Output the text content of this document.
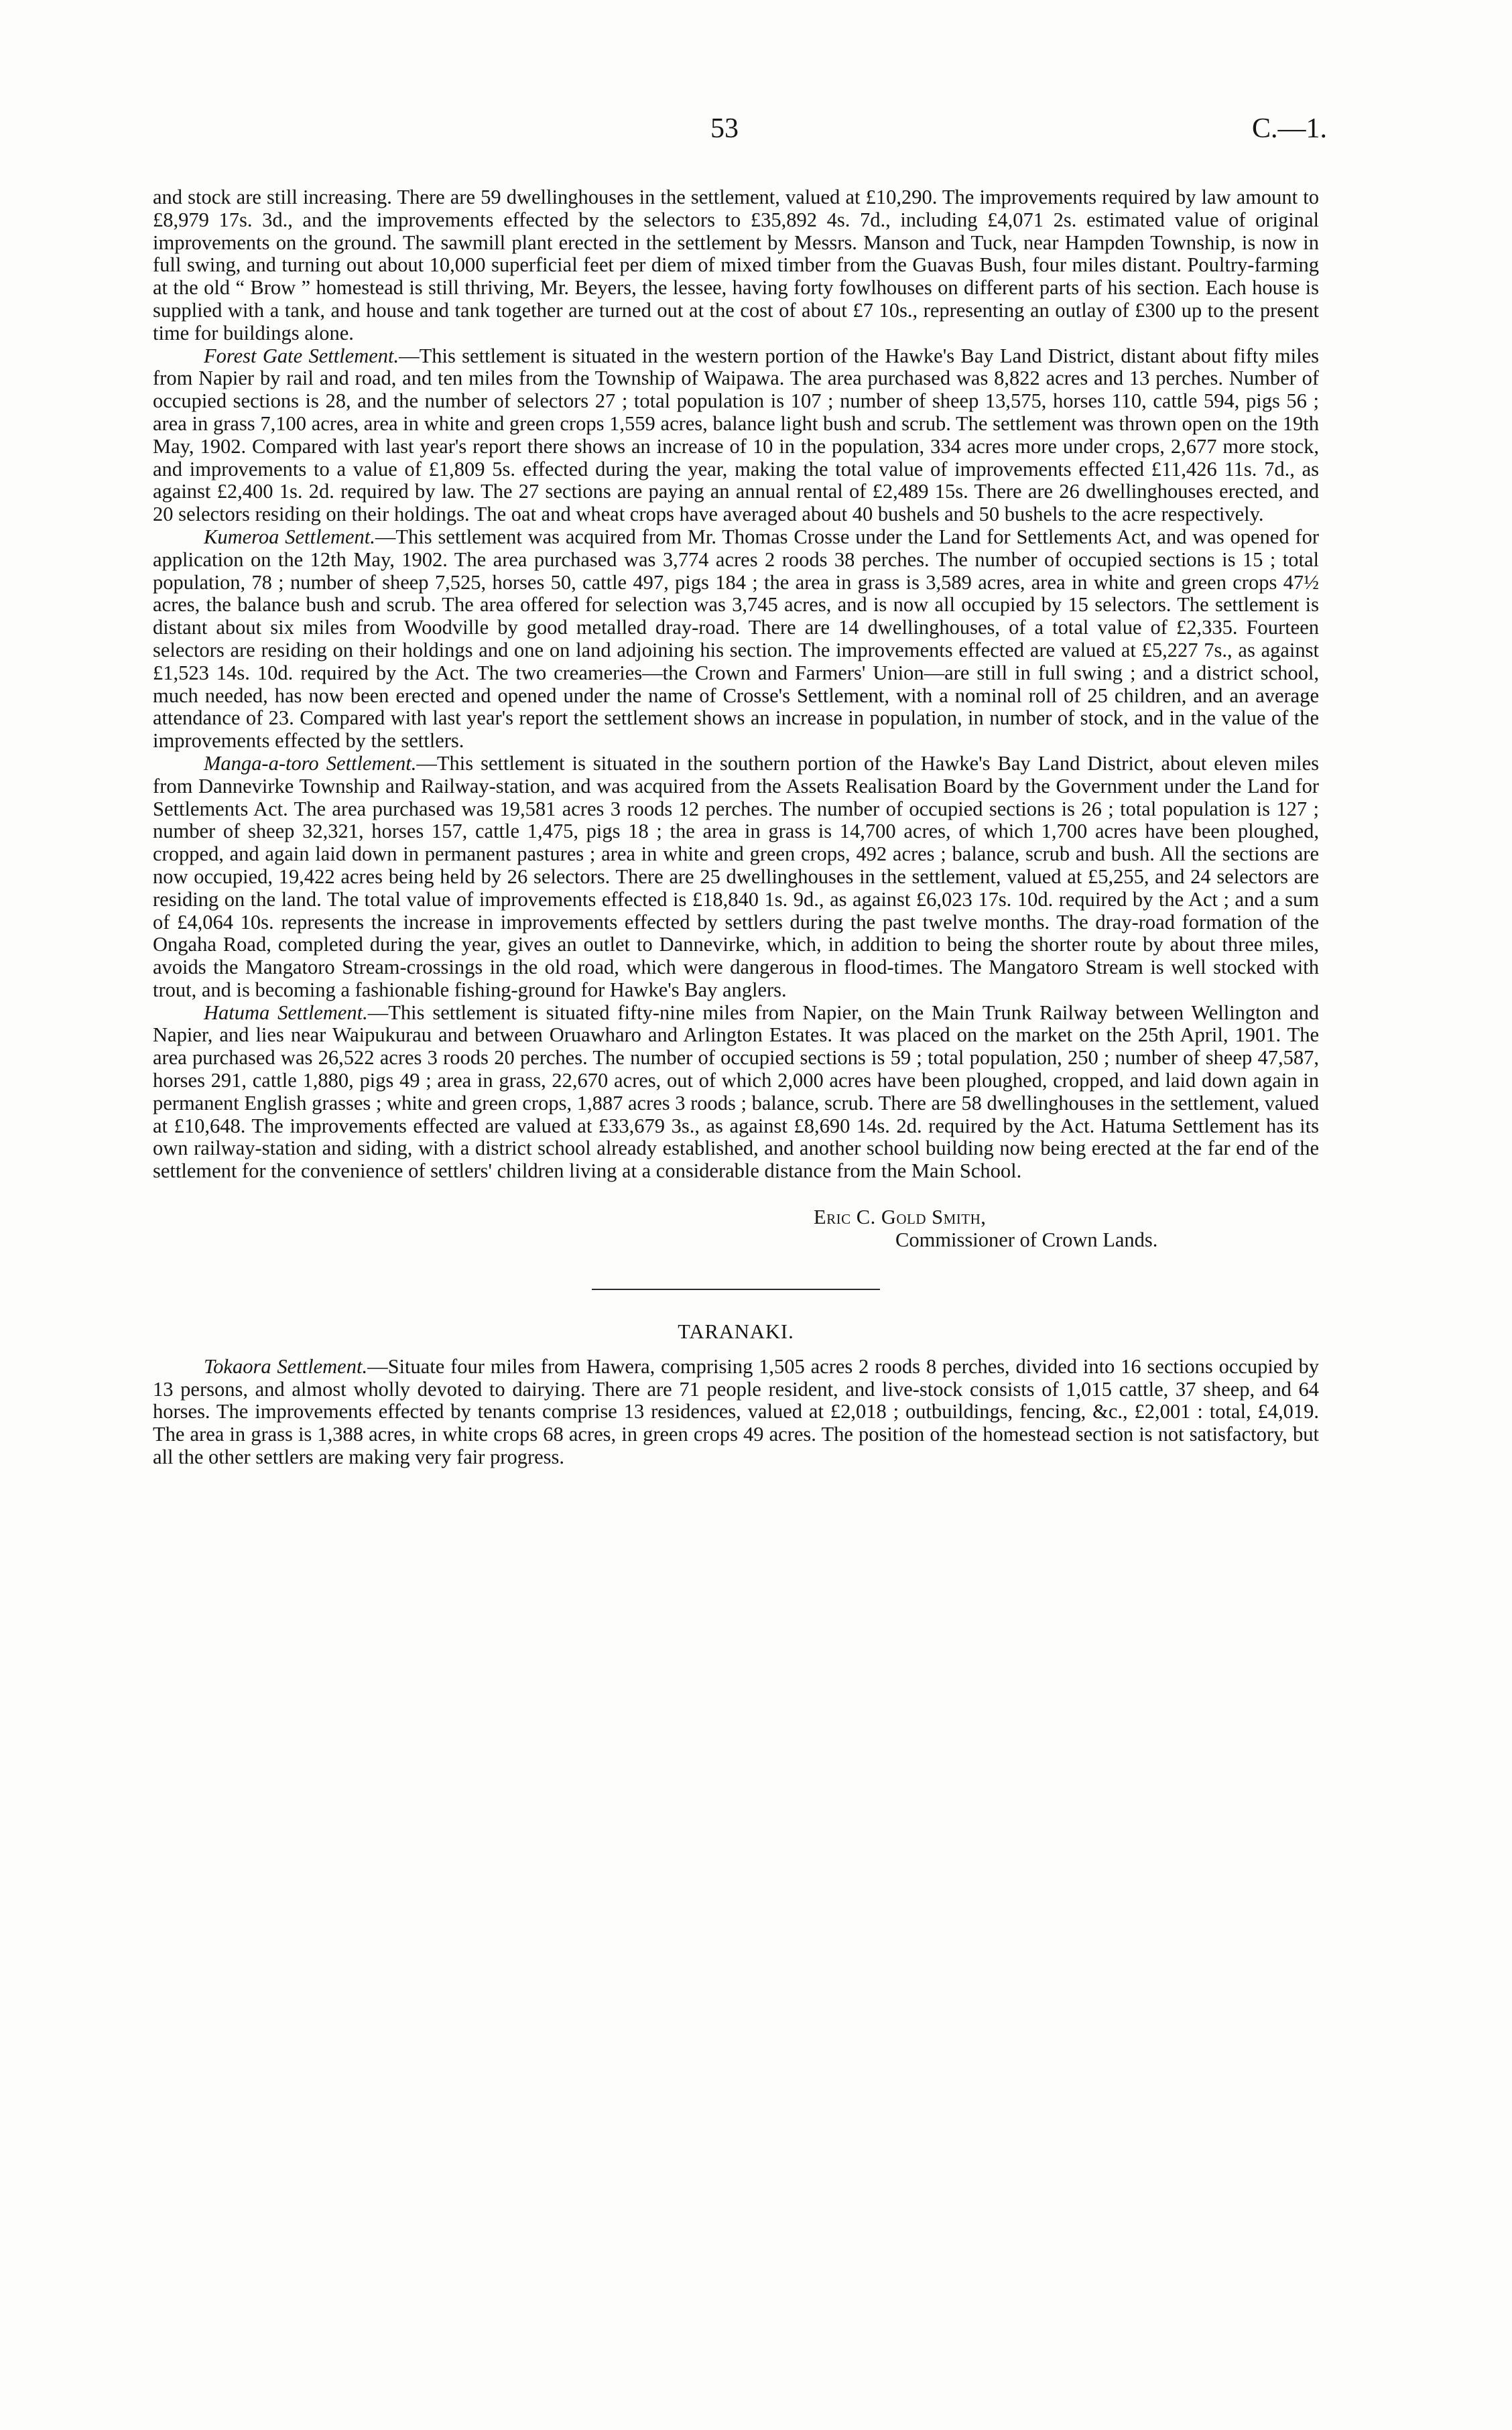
53	C.—1.

and stock are still increasing. There are 59 dwellinghouses in the settlement, valued at £10,290. The improvements required by law amount to £8,979 17s. 3d., and the improvements effected by the selectors to £35,892 4s. 7d., including £4,071 2s. estimated value of original improvements on the ground. The sawmill plant erected in the settlement by Messrs. Manson and Tuck, near Hampden Township, is now in full swing, and turning out about 10,000 superficial feet per diem of mixed timber from the Guavas Bush, four miles distant. Poultry-farming at the old “ Brow ” homestead is still thriving, Mr. Beyers, the lessee, having forty fowlhouses on different parts of his section. Each house is supplied with a tank, and house and tank together are turned out at the cost of about £7 10s., representing an outlay of £300 up to the present time for buildings alone.

Forest Gate Settlement.—This settlement is situated in the western portion of the Hawke's Bay Land District, distant about fifty miles from Napier by rail and road, and ten miles from the Township of Waipawa. The area purchased was 8,822 acres and 13 perches. Number of occupied sections is 28, and the number of selectors 27 ; total population is 107 ; number of sheep 13,575, horses 110, cattle 594, pigs 56 ; area in grass 7,100 acres, area in white and green crops 1,559 acres, balance light bush and scrub. The settlement was thrown open on the 19th May, 1902. Compared with last year's report there shows an increase of 10 in the population, 334 acres more under crops, 2,677 more stock, and improvements to a value of £1,809 5s. effected during the year, making the total value of improvements effected £11,426 11s. 7d., as against £2,400 1s. 2d. required by law. The 27 sections are paying an annual rental of £2,489 15s. There are 26 dwellinghouses erected, and 20 selectors residing on their holdings. The oat and wheat crops have averaged about 40 bushels and 50 bushels to the acre respectively.

Kumeroa Settlement.—This settlement was acquired from Mr. Thomas Crosse under the Land for Settlements Act, and was opened for application on the 12th May, 1902. The area purchased was 3,774 acres 2 roods 38 perches. The number of occupied sections is 15 ; total population, 78 ; number of sheep 7,525, horses 50, cattle 497, pigs 184 ; the area in grass is 3,589 acres, area in white and green crops 47½ acres, the balance bush and scrub. The area offered for selection was 3,745 acres, and is now all occupied by 15 selectors. The settlement is distant about six miles from Woodville by good metalled dray-road. There are 14 dwellinghouses, of a total value of £2,335. Fourteen selectors are residing on their holdings and one on land adjoining his section. The improvements effected are valued at £5,227 7s., as against £1,523 14s. 10d. required by the Act. The two creameries—the Crown and Farmers' Union—are still in full swing ; and a district school, much needed, has now been erected and opened under the name of Crosse's Settlement, with a nominal roll of 25 children, and an average attendance of 23. Compared with last year's report the settlement shows an increase in population, in number of stock, and in the value of the improvements effected by the settlers.

Manga-a-toro Settlement.—This settlement is situated in the southern portion of the Hawke's Bay Land District, about eleven miles from Dannevirke Township and Railway-station, and was acquired from the Assets Realisation Board by the Government under the Land for Settlements Act. The area purchased was 19,581 acres 3 roods 12 perches. The number of occupied sections is 26 ; total population is 127 ; number of sheep 32,321, horses 157, cattle 1,475, pigs 18 ; the area in grass is 14,700 acres, of which 1,700 acres have been ploughed, cropped, and again laid down in permanent pastures ; area in white and green crops, 492 acres ; balance, scrub and bush. All the sections are now occupied, 19,422 acres being held by 26 selectors. There are 25 dwellinghouses in the settlement, valued at £5,255, and 24 selectors are residing on the land. The total value of improvements effected is £18,840 1s. 9d., as against £6,023 17s. 10d. required by the Act ; and a sum of £4,064 10s. represents the increase in improvements effected by settlers during the past twelve months. The dray-road formation of the Ongaha Road, completed during the year, gives an outlet to Dannevirke, which, in addition to being the shorter route by about three miles, avoids the Mangatoro Stream-crossings in the old road, which were dangerous in flood-times. The Mangatoro Stream is well stocked with trout, and is becoming a fashionable fishing-ground for Hawke's Bay anglers.

Hatuma Settlement.—This settlement is situated fifty-nine miles from Napier, on the Main Trunk Railway between Wellington and Napier, and lies near Waipukurau and between Oruawharo and Arlington Estates. It was placed on the market on the 25th April, 1901. The area purchased was 26,522 acres 3 roods 20 perches. The number of occupied sections is 59 ; total population, 250 ; number of sheep 47,587, horses 291, cattle 1,880, pigs 49 ; area in grass, 22,670 acres, out of which 2,000 acres have been ploughed, cropped, and laid down again in permanent English grasses ; white and green crops, 1,887 acres 3 roods ; balance, scrub. There are 58 dwellinghouses in the settlement, valued at £10,648. The improvements effected are valued at £33,679 3s., as against £8,690 14s. 2d. required by the Act. Hatuma Settlement has its own railway-station and siding, with a district school already established, and another school building now being erected at the far end of the settlement for the convenience of settlers' children living at a considerable distance from the Main School.

Eric C. Gold Smith,
Commissioner of Crown Lands.
TARANAKI.

Tokaora Settlement.—Situate four miles from Hawera, comprising 1,505 acres 2 roods 8 perches, divided into 16 sections occupied by 13 persons, and almost wholly devoted to dairying. There are 71 people resident, and live-stock consists of 1,015 cattle, 37 sheep, and 64 horses. The improvements effected by tenants comprise 13 residences, valued at £2,018 ; outbuildings, fencing, &c., £2,001 : total, £4,019. The area in grass is 1,388 acres, in white crops 68 acres, in green crops 49 acres. The position of the homestead section is not satisfactory, but all the other settlers are making very fair progress.
